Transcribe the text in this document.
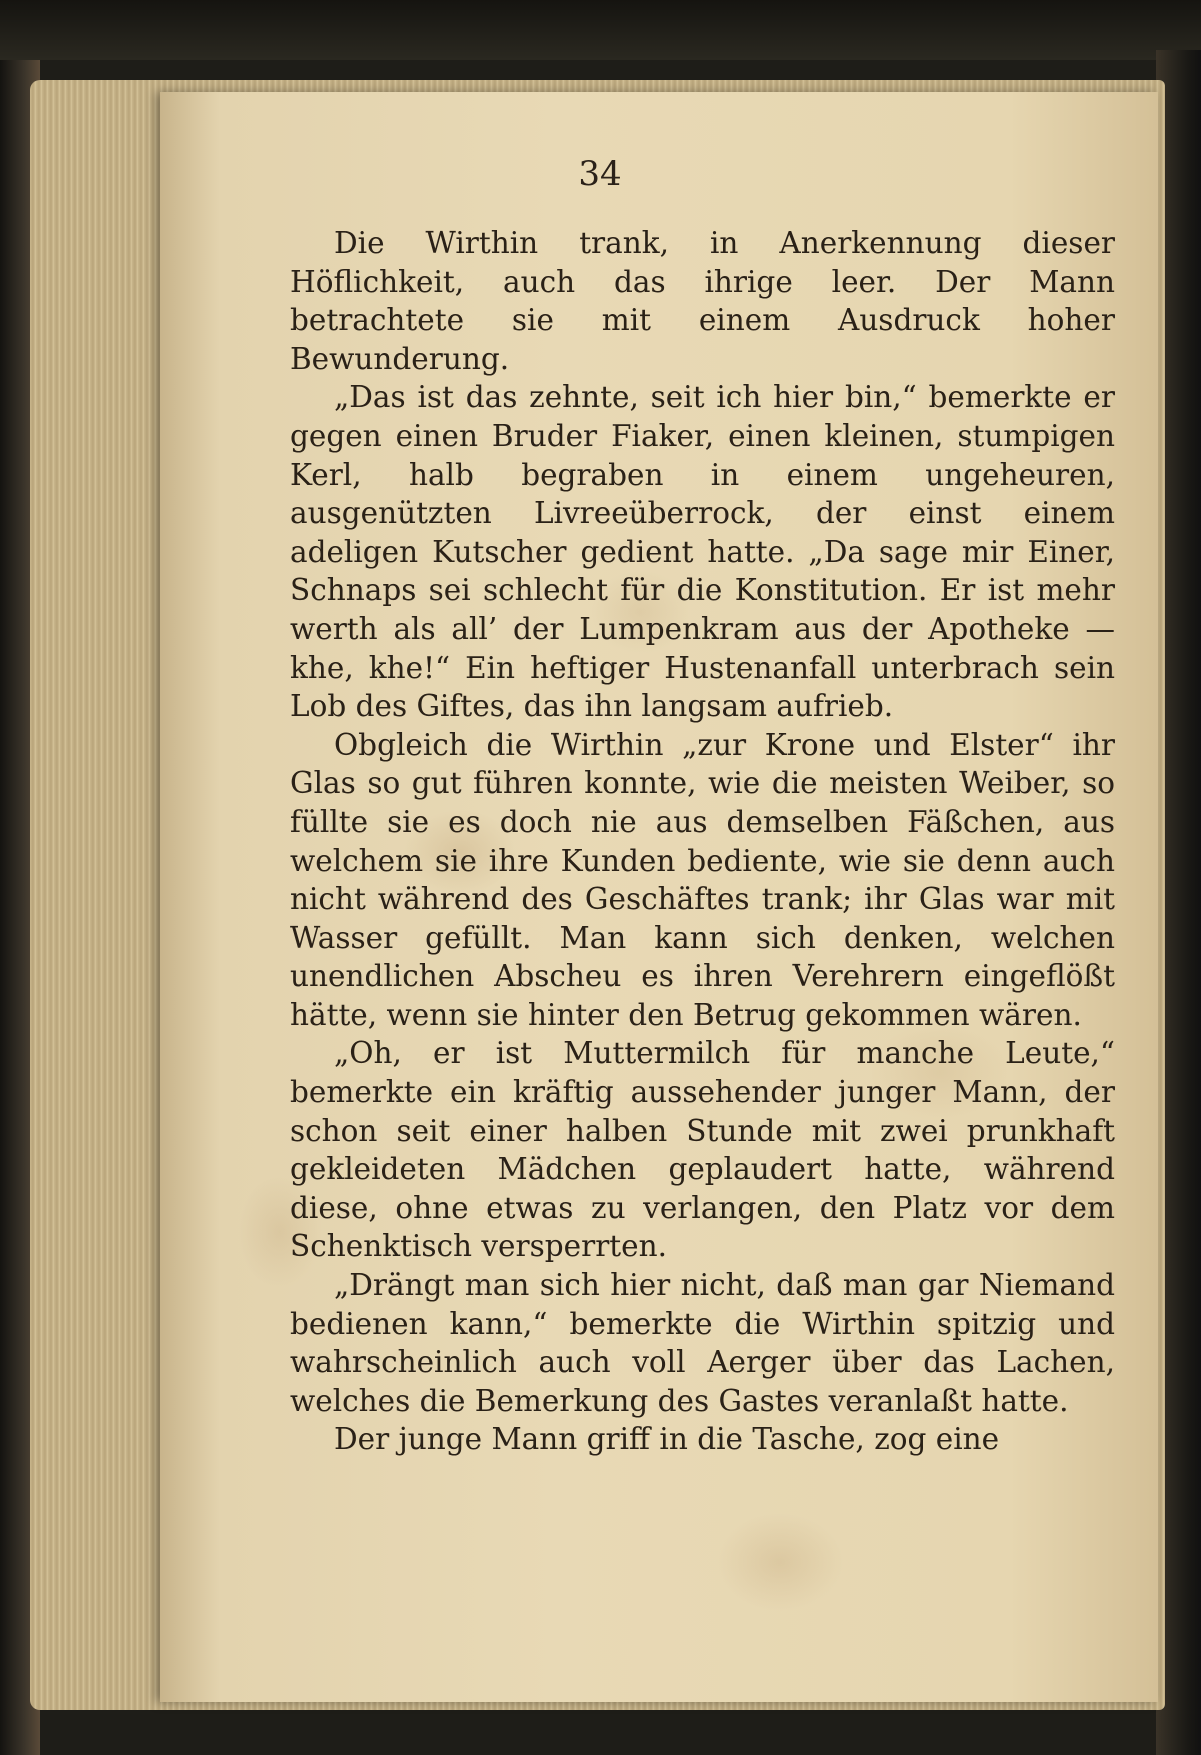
34

Die Wirthin trank, in Anerkennung dieser Höflichkeit, auch das ihrige leer. Der Mann betrachtete sie mit einem Ausdruck hoher Bewunderung.

„Das ist das zehnte, seit ich hier bin,“ bemerkte er gegen einen Bruder Fiaker, einen kleinen, stumpigen Kerl, halb begraben in einem ungeheuren, ausgenützten Livreeüberrock, der einst einem adeligen Kutscher gedient hatte. „Da sage mir Einer, Schnaps sei schlecht für die Konstitution. Er ist mehr werth als all’ der Lumpenkram aus der Apotheke — khe, khe!“ Ein heftiger Hustenanfall unterbrach sein Lob des Giftes, das ihn langsam aufrieb.

Obgleich die Wirthin „zur Krone und Elster“ ihr Glas so gut führen konnte, wie die meisten Weiber, so füllte sie es doch nie aus demselben Fäßchen, aus welchem sie ihre Kunden bediente, wie sie denn auch nicht während des Geschäftes trank; ihr Glas war mit Wasser gefüllt. Man kann sich denken, welchen unendlichen Abscheu es ihren Verehrern eingeflößt hätte, wenn sie hinter den Betrug gekommen wären.

„Oh, er ist Muttermilch für manche Leute,“ bemerkte ein kräftig aussehender junger Mann, der schon seit einer halben Stunde mit zwei prunkhaft gekleideten Mädchen geplaudert hatte, während diese, ohne etwas zu verlangen, den Platz vor dem Schenktisch versperrten.

„Drängt man sich hier nicht, daß man gar Niemand bedienen kann,“ bemerkte die Wirthin spitzig und wahrscheinlich auch voll Aerger über das Lachen, welches die Bemerkung des Gastes veranlaßt hatte.

Der junge Mann griff in die Tasche, zog eine
